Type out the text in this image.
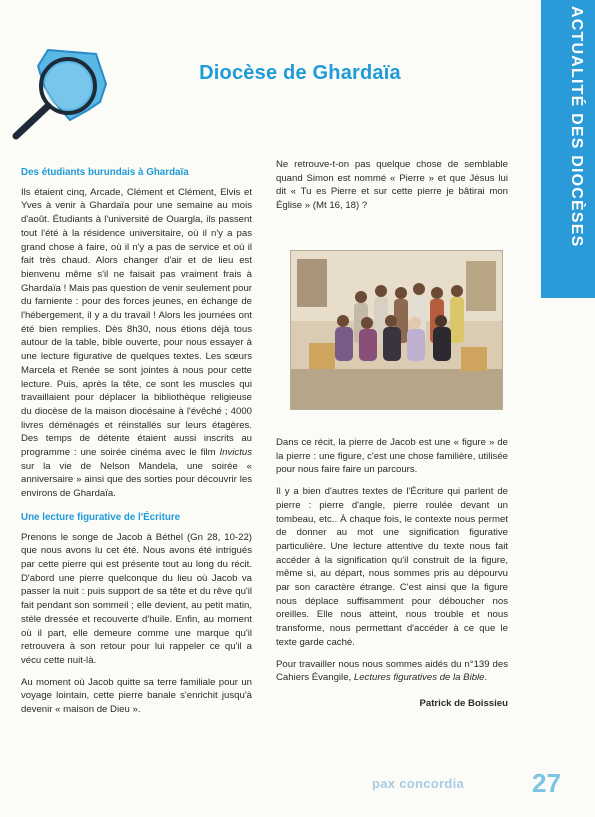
Diocèse de Ghardaïa	ACTUALITÉ DES DIOCÈSES
Des étudiants burundais à Ghardaïa

Ils étaient cinq, Arcade, Clément et Clément, Elvis et Yves à venir à Ghardaïa pour une semaine au mois d'août. Étudiants à l'université de Ouargla, ils passent tout l'été à la résidence universitaire, où il n'y a pas grand chose à faire, où il n'y a pas de service et où il fait très chaud. Alors changer d'air et de lieu est bienvenu même s'il ne faisait pas vraiment frais à Ghardaïa ! Mais pas question de venir seulement pour du farniente : pour des forces jeunes, en échange de l'hébergement, il y a du travail ! Alors les journées ont été bien remplies. Dès 8h30, nous étions déjà tous autour de la table, bible ouverte, pour nous essayer à une lecture figurative de quelques textes. Les sœurs Marcela et Renée se sont jointes à nous pour cette lecture. Puis, après la tête, ce sont les muscles qui travaillaient pour déplacer la bibliothèque religieuse du diocèse de la maison diocésaine à l'évêché ; 4000 livres déménagés et réinstallés sur leurs étagères. Des temps de détente étaient aussi inscrits au programme : une soirée cinéma avec le film Invictus sur la vie de Nelson Mandela, une soirée « anniversaire » ainsi que des sorties pour découvrir les environs de Ghardaïa.

Une lecture figurative de l'Écriture

Prenons le songe de Jacob à Béthel (Gn 28, 10-22) que nous avons lu cet été. Nous avons été intrigués par cette pierre qui est présente tout au long du récit. D'abord une pierre quelconque du lieu où Jacob va passer la nuit : puis support de sa tête et du rêve qu'il fait pendant son sommeil ; elle devient, au petit matin, stèle dressée et recouverte d'huile. Enfin, au moment où il part, elle demeure comme une marque qu'il retrouvera à son retour pour lui rappeler ce qu'il a vécu cette nuit-là.

Au moment où Jacob quitte sa terre familiale pour un voyage lointain, cette pierre banale s'enrichit jusqu'à devenir « maison de Dieu ».

Ne retrouve-t-on pas quelque chose de semblable quand Simon est nommé « Pierre » et que Jésus lui dit « Tu es Pierre et sur cette pierre je bâtirai mon Église » (Mt 16, 18) ?

Dans ce récit, la pierre de Jacob est une « figure » de la pierre : une figure, c'est une chose familière, utilisée pour nous faire faire un parcours.

Il y a bien d'autres textes de l'Écriture qui parlent de pierre : pierre d'angle, pierre roulée devant un tombeau, etc.. À chaque fois, le contexte nous permet de donner au mot une signification figurative particulière. Une lecture attentive du texte nous fait accéder à la signification qu'il construit de la figure, même si, au départ, nous sommes pris au dépourvu par son caractère étrange. C'est ainsi que la figure nous déplace suffisamment pour déboucher nos oreilles. Elle nous atteint, nous trouble et nous transforme, nous permettant d'accéder à ce que le texte garde caché.

Pour travailler nous nous sommes aidés du n°139 des Cahiers Évangile, Lectures figuratives de la Bible.

Patrick de Boissieu
pax concordia	27
